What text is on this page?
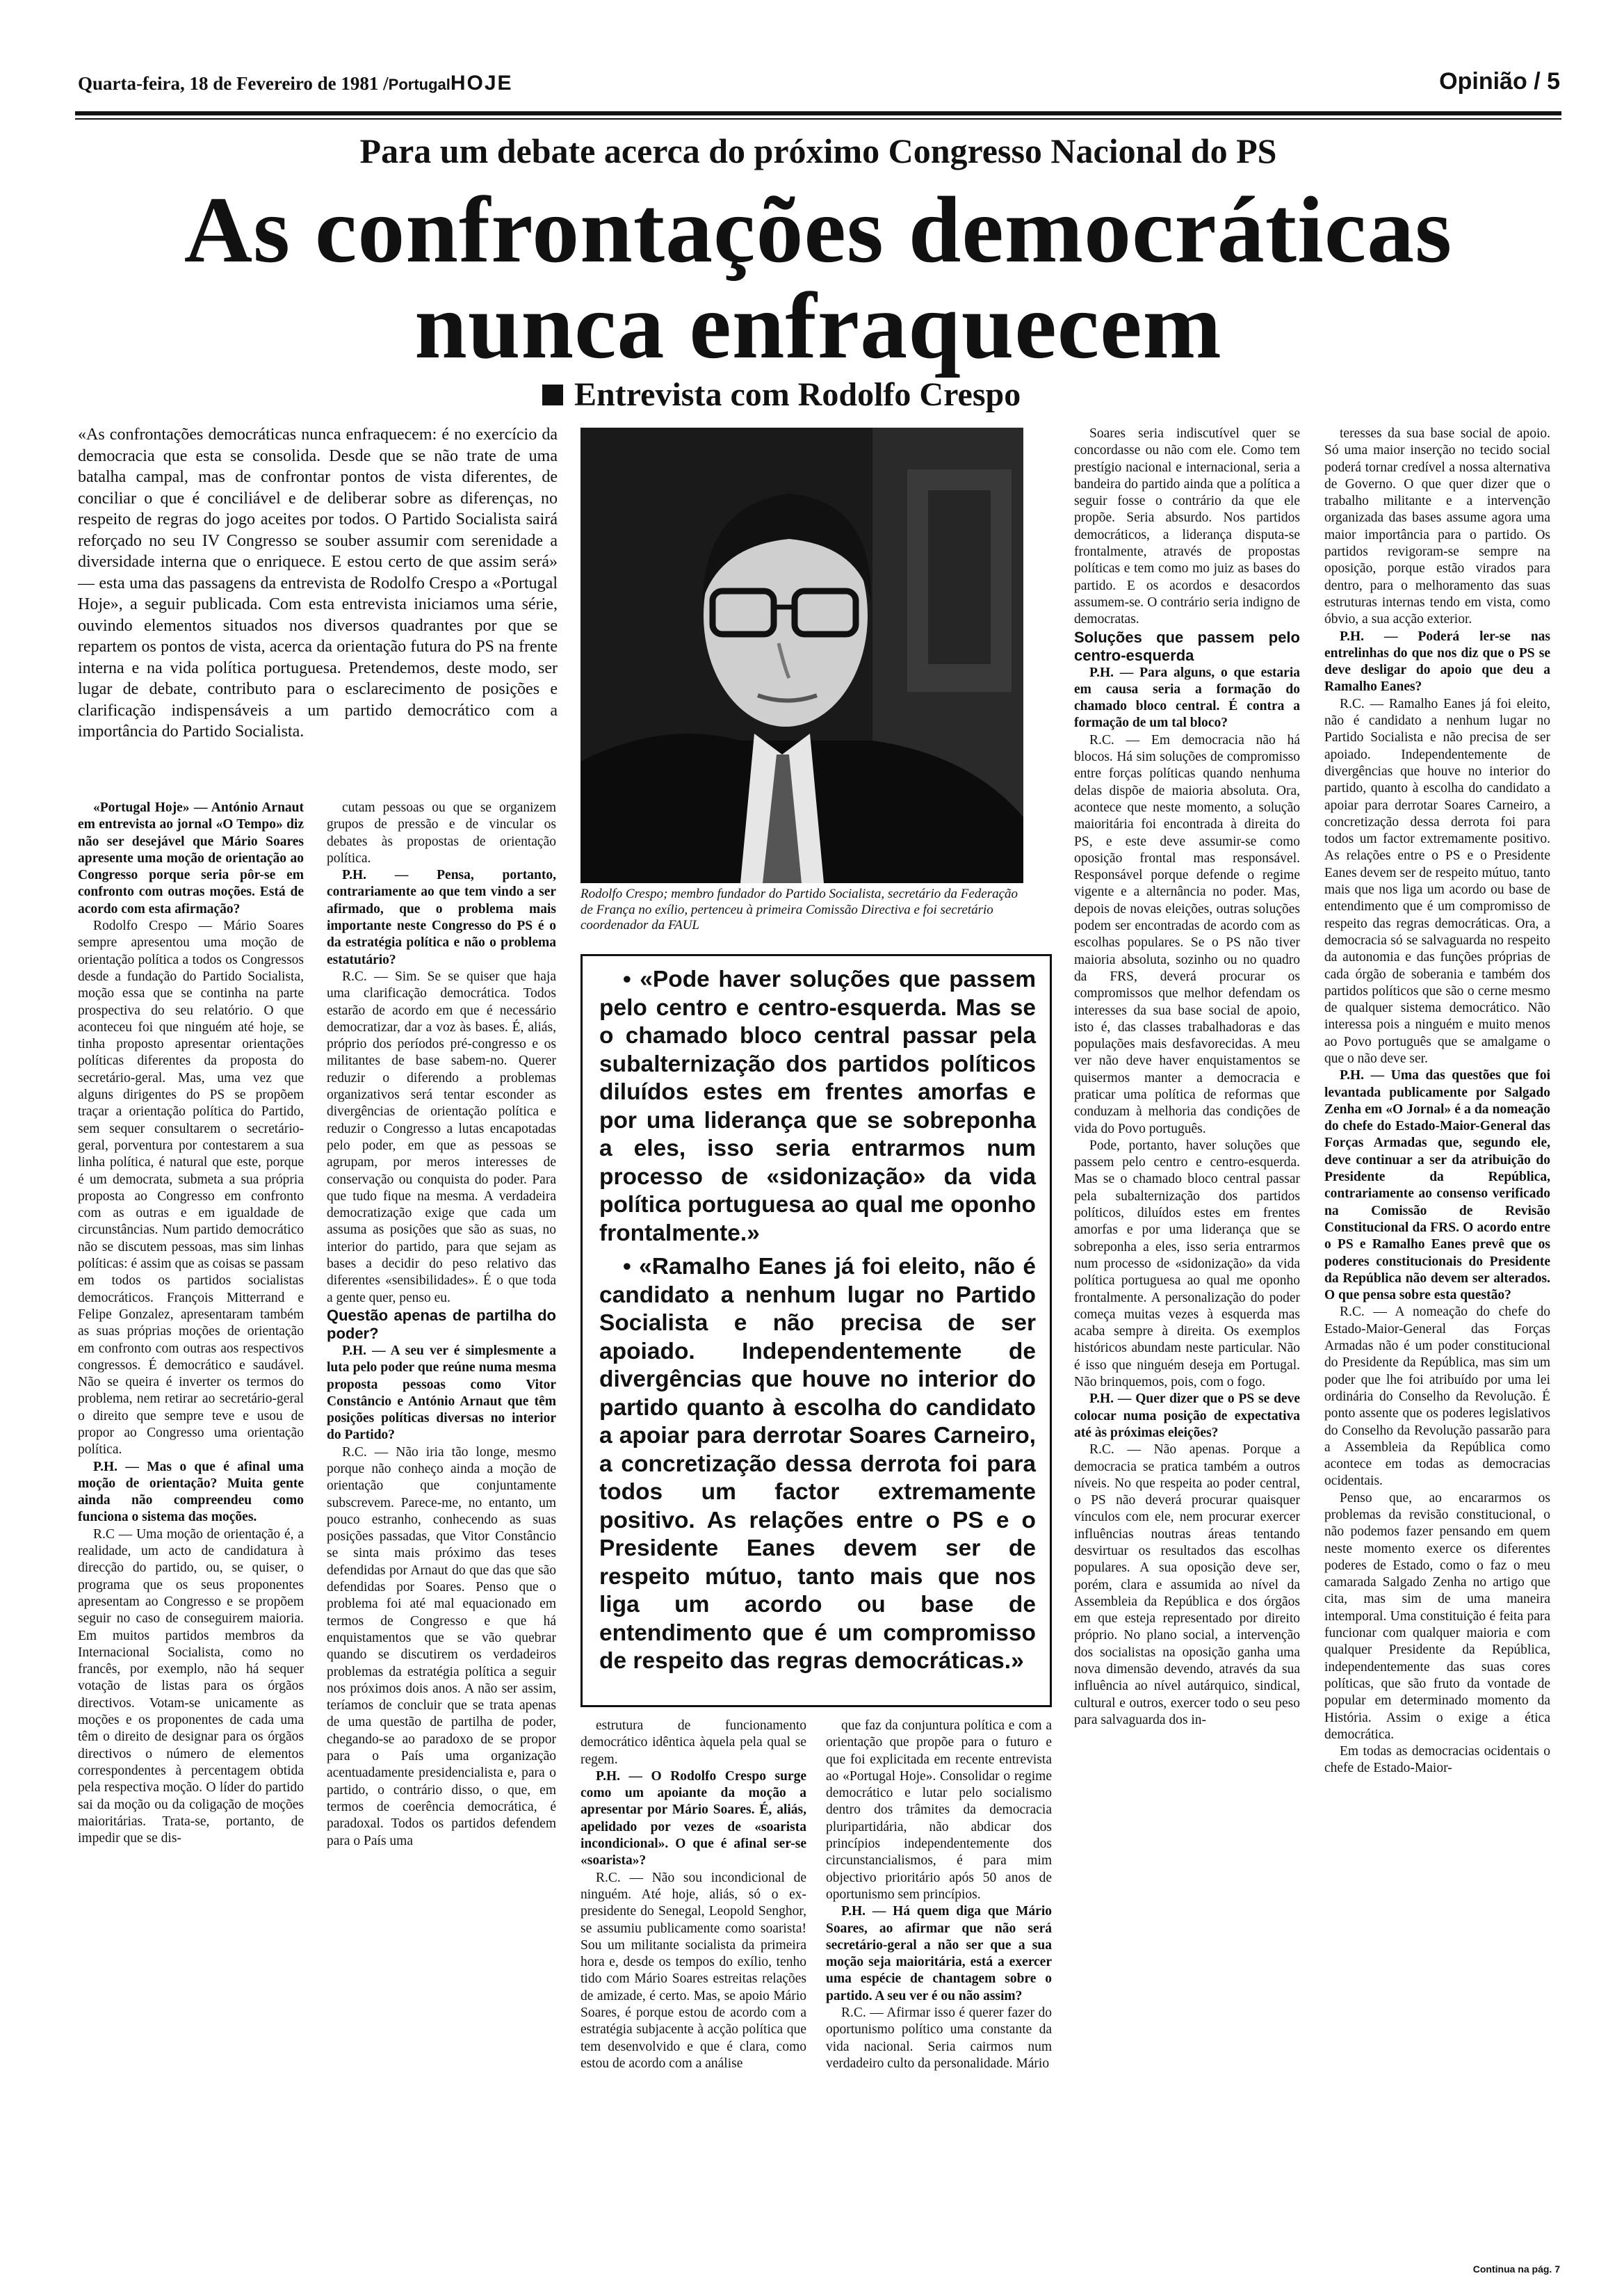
Quarta-feira, 18 de Fevereiro de 1981 /PortugalHOJE	Opinião / 5
Para um debate acerca do próximo Congresso Nacional do PS
As confrontações democráticas
nunca enfraquecem
Entrevista com Rodolfo Crespo

«As confrontações democráticas nunca enfraquecem: é no exercício da democracia que esta se consolida. Desde que se não trate de uma batalha campal, mas de confrontar pontos de vista diferentes, de conciliar o que é conciliável e de deliberar sobre as diferenças, no respeito de regras do jogo aceites por todos. O Partido Socialista sairá reforçado no seu IV Congresso se souber assumir com serenidade a diversidade interna que o enriquece. E estou certo de que assim será» — esta uma das passagens da entrevista de Rodolfo Crespo a «Portugal Hoje», a seguir publicada. Com esta entrevista iniciamos uma série, ouvindo elementos situados nos diversos quadrantes por que se repartem os pontos de vista, acerca da orientação futura do PS na frente interna e na vida política portuguesa. Pretendemos, deste modo, ser lugar de debate, contributo para o esclarecimento de posições e clarificação indispensáveis a um partido democrático com a importância do Partido Socialista.

«Portugal Hoje» — António Arnaut em entrevista ao jornal «O Tempo» diz não ser desejável que Mário Soares apresente uma moção de orientação ao Congresso porque seria pôr-se em confronto com outras moções. Está de acordo com esta afirmação?

Rodolfo Crespo — Mário Soares sempre apresentou uma moção de orientação política a todos os Congressos desde a fundação do Partido Socialista, moção essa que se continha na parte prospectiva do seu relatório. O que aconteceu foi que ninguém até hoje, se tinha proposto apresentar orientações políticas diferentes da proposta do secretário-geral. Mas, uma vez que alguns dirigentes do PS se propõem traçar a orientação política do Partido, sem sequer consultarem o secretário-geral, porventura por contestarem a sua linha política, é natural que este, porque é um democrata, submeta a sua própria proposta ao Congresso em confronto com as outras e em igualdade de circunstâncias. Num partido democrático não se discutem pessoas, mas sim linhas políticas: é assim que as coisas se passam em todos os partidos socialistas democráticos. François Mitterrand e Felipe Gonzalez, apresentaram também as suas próprias moções de orientação em confronto com outras aos respectivos congressos. É democrático e saudável. Não se queira é inverter os termos do problema, nem retirar ao secretário-geral o direito que sempre teve e usou de propor ao Congresso uma orientação política.

P.H. — Mas o que é afinal uma moção de orientação? Muita gente ainda não compreendeu como funciona o sistema das moções.

R.C — Uma moção de orientação é, a realidade, um acto de candidatura à direcção do partido, ou, se quiser, o programa que os seus proponentes apresentam ao Congresso e se propõem seguir no caso de conseguirem maioria. Em muitos partidos membros da Internacional Socialista, como no francês, por exemplo, não há sequer votação de listas para os órgãos directivos. Votam-se unicamente as moções e os proponentes de cada uma têm o direito de designar para os órgãos directivos o número de elementos correspondentes à percentagem obtida pela respectiva moção. O líder do partido sai da moção ou da coligação de moções maioritárias. Trata-se, portanto, de impedir que se dis-

cutam pessoas ou que se organizem grupos de pressão e de vincular os debates às propostas de orientação política.

P.H. — Pensa, portanto, contrariamente ao que tem vindo a ser afirmado, que o problema mais importante neste Congresso do PS é o da estratégia política e não o problema estatutário?

R.C. — Sim. Se se quiser que haja uma clarificação democrática. Todos estarão de acordo em que é necessário democratizar, dar a voz às bases. É, aliás, próprio dos períodos pré-congresso e os militantes de base sabem-no. Querer reduzir o diferendo a problemas organizativos será tentar esconder as divergências de orientação política e reduzir o Congresso a lutas encapotadas pelo poder, em que as pessoas se agrupam, por meros interesses de conservação ou conquista do poder. Para que tudo fique na mesma. A verdadeira democratização exige que cada um assuma as posições que são as suas, no interior do partido, para que sejam as bases a decidir do peso relativo das diferentes «sensibilidades». É o que toda a gente quer, penso eu.

Questão apenas de partilha do poder?

P.H. — A seu ver é simplesmente a luta pelo poder que reúne numa mesma proposta pessoas como Vitor Constâncio e António Arnaut que têm posições políticas diversas no interior do Partido?

R.C. — Não iria tão longe, mesmo porque não conheço ainda a moção de orientação que conjuntamente subscrevem. Parece-me, no entanto, um pouco estranho, conhecendo as suas posições passadas, que Vitor Constâncio se sinta mais próximo das teses defendidas por Arnaut do que das que são defendidas por Soares. Penso que o problema foi até mal equacionado em termos de Congresso e que há enquistamentos que se vão quebrar quando se discutirem os verdadeiros problemas da estratégia política a seguir nos próximos dois anos. A não ser assim, teríamos de concluir que se trata apenas de uma questão de partilha de poder, chegando-se ao paradoxo de se propor para o País uma organização acentuadamente presidencialista e, para o partido, o contrário disso, o que, em termos de coerência democrática, é paradoxal. Todos os partidos defendem para o País uma

Rodolfo Crespo; membro fundador do Partido Socialista, secretário da Federação de França no exílio, pertenceu à primeira Comissão Directiva e foi secretário coordenador da FAUL

• «Pode haver soluções que passem pelo centro e centro-esquerda. Mas se o chamado bloco central passar pela subalternização dos partidos políticos diluídos estes em frentes amorfas e por uma liderança que se sobreponha a eles, isso seria entrarmos num processo de «sidonização» da vida política portuguesa ao qual me oponho frontalmente.»

• «Ramalho Eanes já foi eleito, não é candidato a nenhum lugar no Partido Socialista e não precisa de ser apoiado. Independentemente de divergências que houve no interior do partido quanto à escolha do candidato a apoiar para derrotar Soares Carneiro, a concretização dessa derrota foi para todos um factor extremamente positivo. As relações entre o PS e o Presidente Eanes devem ser de respeito mútuo, tanto mais que nos liga um acordo ou base de entendimento que é um compromisso de respeito das regras democráticas.»

estrutura de funcionamento democrático idêntica àquela pela qual se regem.

P.H. — O Rodolfo Crespo surge como um apoiante da moção a apresentar por Mário Soares. É, aliás, apelidado por vezes de «soarista incondicional». O que é afinal ser-se «soarista»?

R.C. — Não sou incondicional de ninguém. Até hoje, aliás, só o ex-presidente do Senegal, Leopold Senghor, se assumiu publicamente como soarista! Sou um militante socialista da primeira hora e, desde os tempos do exílio, tenho tido com Mário Soares estreitas relações de amizade, é certo. Mas, se apoio Mário Soares, é porque estou de acordo com a estratégia subjacente à acção política que tem desenvolvido e que é clara, como estou de acordo com a análise

que faz da conjuntura política e com a orientação que propõe para o futuro e que foi explicitada em recente entrevista ao «Portugal Hoje». Consolidar o regime democrático e lutar pelo socialismo dentro dos trâmites da democracia pluripartidária, não abdicar dos princípios independentemente dos circunstancialismos, é para mim objectivo prioritário após 50 anos de oportunismo sem princípios.

P.H. — Há quem diga que Mário Soares, ao afirmar que não será secretário-geral a não ser que a sua moção seja maioritária, está a exercer uma espécie de chantagem sobre o partido. A seu ver é ou não assim?

R.C. — Afirmar isso é querer fazer do oportunismo político uma constante da vida nacional. Seria cairmos num verdadeiro culto da personalidade. Mário

Soares seria indiscutível quer se concordasse ou não com ele. Como tem prestígio nacional e internacional, seria a bandeira do partido ainda que a política a seguir fosse o contrário da que ele propõe. Seria absurdo. Nos partidos democráticos, a liderança disputa-se frontalmente, através de propostas políticas e tem como mo juiz as bases do partido. E os acordos e desacordos assumem-se. O contrário seria indigno de democratas.

Soluções que passem pelo centro-esquerda

P.H. — Para alguns, o que estaria em causa seria a formação do chamado bloco central. É contra a formação de um tal bloco?

R.C. — Em democracia não há blocos. Há sim soluções de compromisso entre forças políticas quando nenhuma delas dispõe de maioria absoluta. Ora, acontece que neste momento, a solução maioritária foi encontrada à direita do PS, e este deve assumir-se como oposição frontal mas responsável. Responsável porque defende o regime vigente e a alternância no poder. Mas, depois de novas eleições, outras soluções podem ser encontradas de acordo com as escolhas populares. Se o PS não tiver maioria absoluta, sozinho ou no quadro da FRS, deverá procurar os compromissos que melhor defendam os interesses da sua base social de apoio, isto é, das classes trabalhadoras e das populações mais desfavorecidas. A meu ver não deve haver enquistamentos se quisermos manter a democracia e praticar uma política de reformas que conduzam à melhoria das condições de vida do Povo português.

Pode, portanto, haver soluções que passem pelo centro e centro-esquerda. Mas se o chamado bloco central passar pela subalternização dos partidos políticos, diluídos estes em frentes amorfas e por uma liderança que se sobreponha a eles, isso seria entrarmos num processo de «sidonização» da vida política portuguesa ao qual me oponho frontalmente. A personalização do poder começa muitas vezes à esquerda mas acaba sempre à direita. Os exemplos históricos abundam neste particular. Não é isso que ninguém deseja em Portugal. Não brinquemos, pois, com o fogo.

P.H. — Quer dizer que o PS se deve colocar numa posição de expectativa até às próximas eleições?

R.C. — Não apenas. Porque a democracia se pratica também a outros níveis. No que respeita ao poder central, o PS não deverá procurar quaisquer vínculos com ele, nem procurar exercer influências noutras áreas tentando desvirtuar os resultados das escolhas populares. A sua oposição deve ser, porém, clara e assumida ao nível da Assembleia da República e dos órgãos em que esteja representado por direito próprio. No plano social, a intervenção dos socialistas na oposição ganha uma nova dimensão devendo, através da sua influência ao nível autárquico, sindical, cultural e outros, exercer todo o seu peso para salvaguarda dos in-

teresses da sua base social de apoio. Só uma maior inserção no tecido social poderá tornar credível a nossa alternativa de Governo. O que quer dizer que o trabalho militante e a intervenção organizada das bases assume agora uma maior importância para o partido. Os partidos revigoram-se sempre na oposição, porque estão virados para dentro, para o melhoramento das suas estruturas internas tendo em vista, como óbvio, a sua acção exterior.

P.H. — Poderá ler-se nas entrelinhas do que nos diz que o PS se deve desligar do apoio que deu a Ramalho Eanes?

R.C. — Ramalho Eanes já foi eleito, não é candidato a nenhum lugar no Partido Socialista e não precisa de ser apoiado. Independentemente de divergências que houve no interior do partido, quanto à escolha do candidato a apoiar para derrotar Soares Carneiro, a concretização dessa derrota foi para todos um factor extremamente positivo. As relações entre o PS e o Presidente Eanes devem ser de respeito mútuo, tanto mais que nos liga um acordo ou base de entendimento que é um compromisso de respeito das regras democráticas. Ora, a democracia só se salvaguarda no respeito da autonomia e das funções próprias de cada órgão de soberania e também dos partidos políticos que são o cerne mesmo de qualquer sistema democrático. Não interessa pois a ninguém e muito menos ao Povo português que se amalgame o que o não deve ser.

P.H. — Uma das questões que foi levantada publicamente por Salgado Zenha em «O Jornal» é a da nomeação do chefe do Estado-Maior-General das Forças Armadas que, segundo ele, deve continuar a ser da atribuição do Presidente da República, contrariamente ao consenso verificado na Comissão de Revisão Constitucional da FRS. O acordo entre o PS e Ramalho Eanes prevê que os poderes constitucionais do Presidente da República não devem ser alterados. O que pensa sobre esta questão?

R.C. — A nomeação do chefe do Estado-Maior-General das Forças Armadas não é um poder constitucional do Presidente da República, mas sim um poder que lhe foi atribuído por uma lei ordinária do Conselho da Revolução. É ponto assente que os poderes legislativos do Conselho da Revolução passarão para a Assembleia da República como acontece em todas as democracias ocidentais.

Penso que, ao encararmos os problemas da revisão constitucional, o não podemos fazer pensando em quem neste momento exerce os diferentes poderes de Estado, como o faz o meu camarada Salgado Zenha no artigo que cita, mas sim de uma maneira intemporal. Uma constituição é feita para funcionar com qualquer maioria e com qualquer Presidente da República, independentemente das suas cores políticas, que são fruto da vontade de popular em determinado momento da História. Assim o exige a ética democrática.

Em todas as democracias ocidentais o chefe de Estado-Maior-

Continua na pág. 7
